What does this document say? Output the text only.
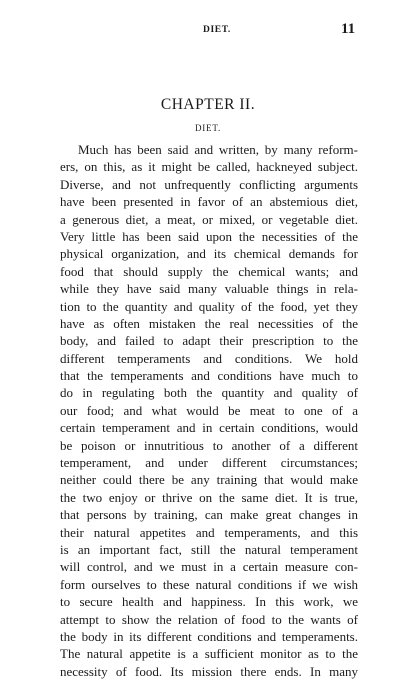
DIET.	11
CHAPTER II.
DIET.
Much has been said and written, by many reform-
ers, on this, as it might be called, hackneyed subject.
Diverse, and not unfrequently conflicting arguments
have been presented in favor of an abstemious diet,
a generous diet, a meat, or mixed, or vegetable diet.
Very little has been said upon the necessities of the
physical organization, and its chemical demands for
food that should supply the chemical wants; and
while they have said many valuable things in rela-
tion to the quantity and quality of the food, yet they
have as often mistaken the real necessities of the
body, and failed to adapt their prescription to the
different temperaments and conditions. We hold
that the temperaments and conditions have much to
do in regulating both the quantity and quality of
our food; and what would be meat to one of a
certain temperament and in certain conditions, would
be poison or innutritious to another of a different
temperament, and under different circumstances;
neither could there be any training that would make
the two enjoy or thrive on the same diet. It is true,
that persons by training, can make great changes in
their natural appetites and temperaments, and this
is an important fact, still the natural temperament
will control, and we must in a certain measure con-
form ourselves to these natural conditions if we wish
to secure health and happiness. In this work, we
attempt to show the relation of food to the wants of
the body in its different conditions and temperaments.
The natural appetite is a sufficient monitor as to the
necessity of food. Its mission there ends. In many
